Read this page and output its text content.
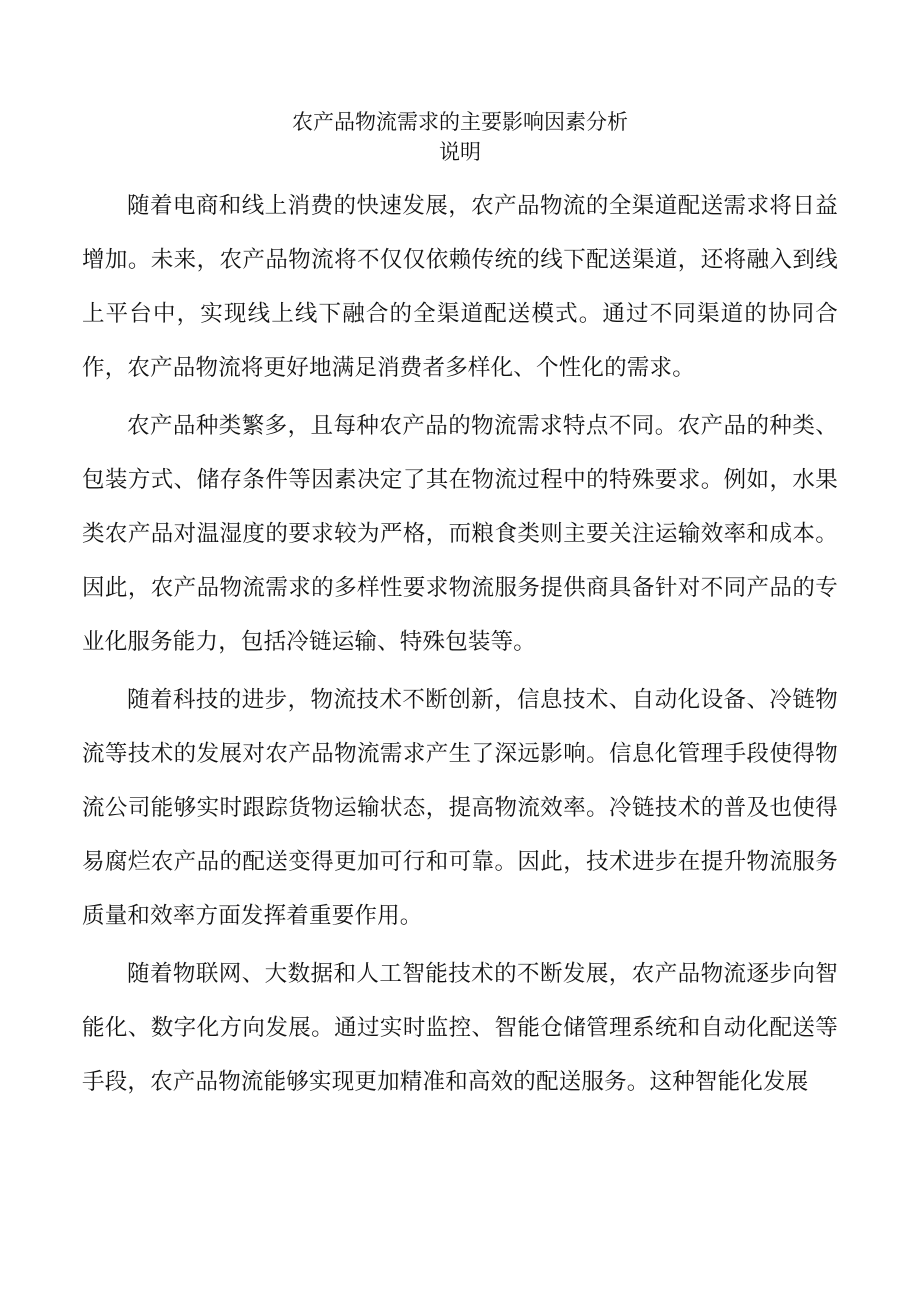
农产品物流需求的主要影响因素分析
说明

随着电商和线上消费的快速发展，农产品物流的全渠道配送需求将日益增加。未来，农产品物流将不仅仅依赖传统的线下配送渠道，还将融入到线上平台中，实现线上线下融合的全渠道配送模式。通过不同渠道的协同合作，农产品物流将更好地满足消费者多样化、个性化的需求。

农产品种类繁多，且每种农产品的物流需求特点不同。农产品的种类、包装方式、储存条件等因素决定了其在物流过程中的特殊要求。例如，水果类农产品对温湿度的要求较为严格，而粮食类则主要关注运输效率和成本。因此，农产品物流需求的多样性要求物流服务提供商具备针对不同产品的专业化服务能力，包括冷链运输、特殊包装等。

随着科技的进步，物流技术不断创新，信息技术、自动化设备、冷链物流等技术的发展对农产品物流需求产生了深远影响。信息化管理手段使得物流公司能够实时跟踪货物运输状态，提高物流效率。冷链技术的普及也使得易腐烂农产品的配送变得更加可行和可靠。因此，技术进步在提升物流服务质量和效率方面发挥着重要作用。

随着物联网、大数据和人工智能技术的不断发展，农产品物流逐步向智能化、数字化方向发展。通过实时监控、智能仓储管理系统和自动化配送等手段，农产品物流能够实现更加精准和高效的配送服务。这种智能化发展
